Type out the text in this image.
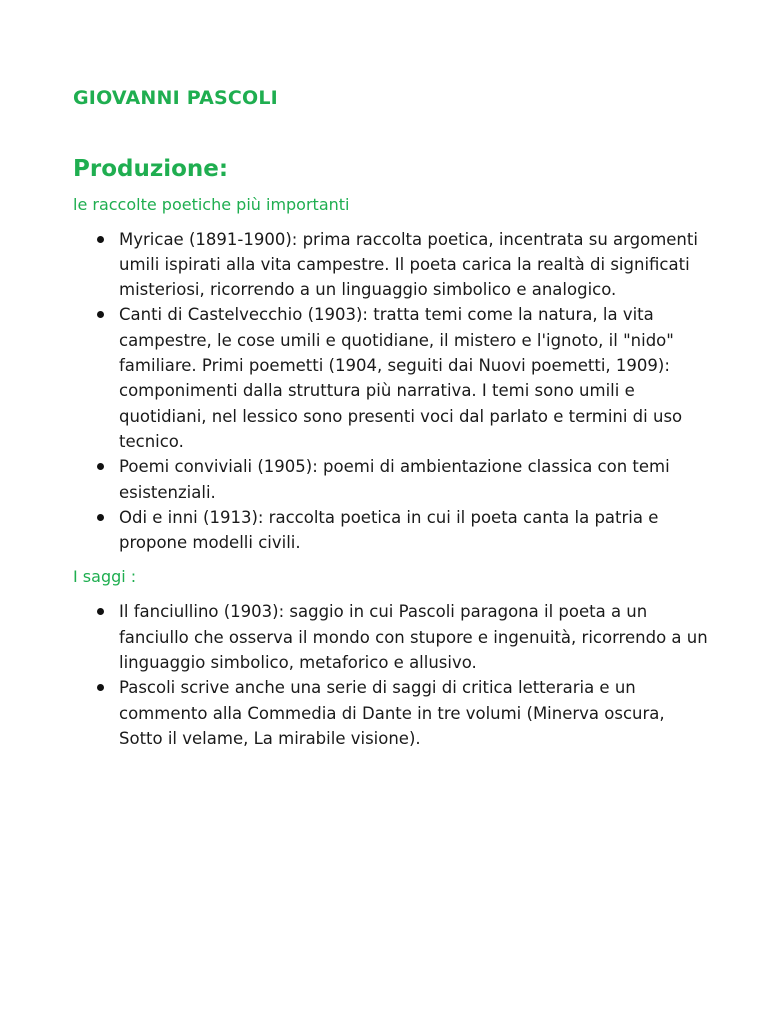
GIOVANNI PASCOLI
Produzione:
le raccolte poetiche più importanti
Myricae (1891-1900): prima raccolta poetica, incentrata su argomenti umili ispirati alla vita campestre. Il poeta carica la realtà di significati misteriosi, ricorrendo a un linguaggio simbolico e analogico.
Canti di Castelvecchio (1903): tratta temi come la natura, la vita campestre, le cose umili e quotidiane, il mistero e l'ignoto, il "nido" familiare. Primi poemetti (1904, seguiti dai Nuovi poemetti, 1909): componimenti dalla struttura più narrativa. I temi sono umili e quotidiani, nel lessico sono presenti voci dal parlato e termini di uso tecnico.
Poemi conviviali (1905): poemi di ambientazione classica con temi esistenziali.
Odi e inni (1913): raccolta poetica in cui il poeta canta la patria e propone modelli civili.
I saggi :
Il fanciullino (1903): saggio in cui Pascoli paragona il poeta a un fanciullo che osserva il mondo con stupore e ingenuità, ricorrendo a un linguaggio simbolico, metaforico e allusivo.
Pascoli scrive anche una serie di saggi di critica letteraria e un commento alla Commedia di Dante in tre volumi (Minerva oscura, Sotto il velame, La mirabile visione).
